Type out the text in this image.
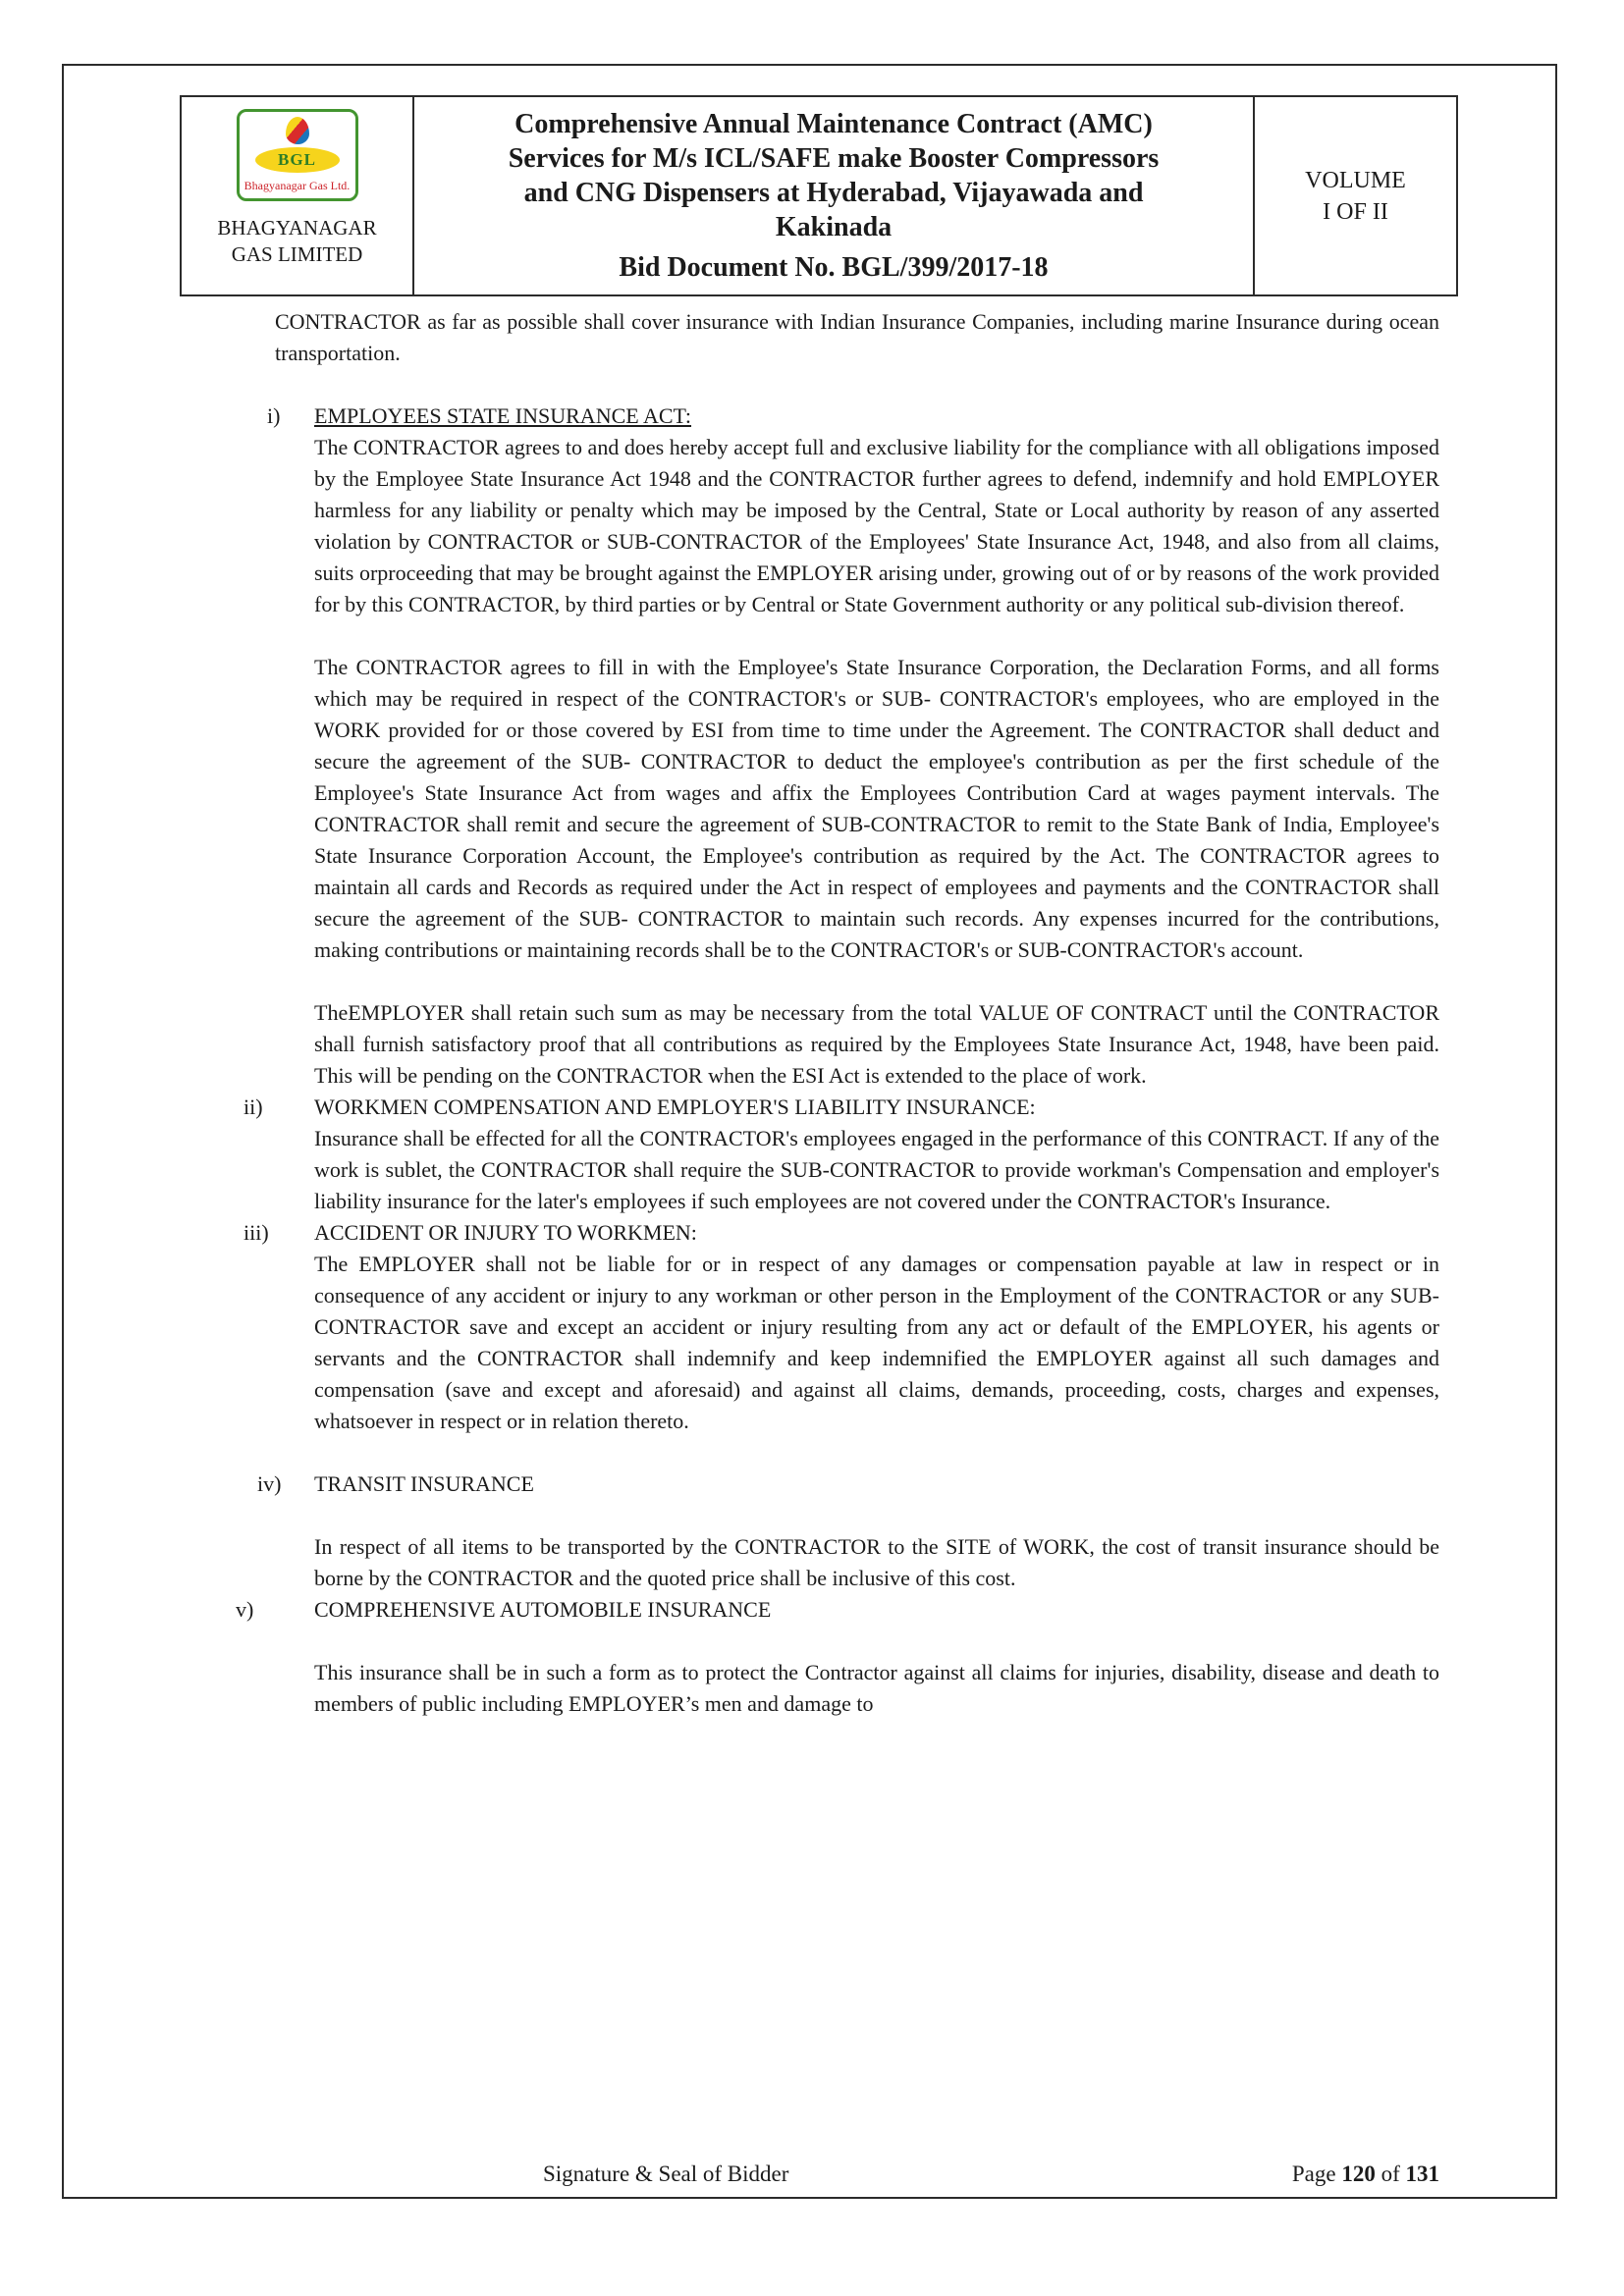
BGL
Bhagyanagar Gas Ltd.
BHAGYANAGAR
GAS LIMITED
Comprehensive Annual Maintenance Contract (AMC)
Services for M/s ICL/SAFE make Booster Compressors
and CNG Dispensers at Hyderabad, Vijayawada and
Kakinada
Bid Document No. BGL/399/2017-18
VOLUME
I OF II

CONTRACTOR as far as possible shall cover insurance with Indian Insurance Companies, including marine Insurance during ocean transportation.

i)	EMPLOYEES STATE INSURANCE ACT:

The CONTRACTOR agrees to and does hereby accept full and exclusive liability for the compliance with all obligations imposed by the Employee State Insurance Act 1948 and the CONTRACTOR further agrees to defend, indemnify and hold EMPLOYER harmless for any liability or penalty which may be imposed by the Central, State or Local authority by reason of any asserted violation by CONTRACTOR or SUB-CONTRACTOR of the Employees' State Insurance Act, 1948, and also from all claims, suits orproceeding that may be brought against the EMPLOYER arising under, growing out of or by reasons of the work provided for by this CONTRACTOR, by third parties or by Central or State Government authority or any political sub-division thereof.

The CONTRACTOR agrees to fill in with the Employee's State Insurance Corporation, the Declaration Forms, and all forms which may be required in respect of the CONTRACTOR's or SUB- CONTRACTOR's employees, who are employed in the WORK provided for or those covered by ESI from time to time under the Agreement. The CONTRACTOR shall deduct and secure the agreement of the SUB- CONTRACTOR to deduct the employee's contribution as per the first schedule of the Employee's State Insurance Act from wages and affix the Employees Contribution Card at wages payment intervals. The CONTRACTOR shall remit and secure the agreement of SUB-CONTRACTOR to remit to the State Bank of India, Employee's State Insurance Corporation Account, the Employee's contribution as required by the Act. The CONTRACTOR agrees to maintain all cards and Records as required under the Act in respect of employees and payments and the CONTRACTOR shall secure the agreement of the SUB- CONTRACTOR to maintain such records. Any expenses incurred for the contributions, making contributions or maintaining records shall be to the CONTRACTOR's or SUB-CONTRACTOR's account.

TheEMPLOYER shall retain such sum as may be necessary from the total VALUE OF CONTRACT until the CONTRACTOR shall furnish satisfactory proof that all contributions as required by the Employees State Insurance Act, 1948, have been paid. This will be pending on the CONTRACTOR when the ESI Act is extended to the place of work.

ii)	WORKMEN COMPENSATION AND EMPLOYER'S LIABILITY INSURANCE:

Insurance shall be effected for all the CONTRACTOR's employees engaged in the performance of this CONTRACT. If any of the work is sublet, the CONTRACTOR shall require the SUB-CONTRACTOR to provide workman's Compensation and employer's liability insurance for the later's employees if such employees are not covered under the CONTRACTOR's Insurance.

iii)	ACCIDENT OR INJURY TO WORKMEN:

The EMPLOYER shall not be liable for or in respect of any damages or compensation payable at law in respect or in consequence of any accident or injury to any workman or other person in the Employment of the CONTRACTOR or any SUB-CONTRACTOR save and except an accident or injury resulting from any act or default of the EMPLOYER, his agents or servants and the CONTRACTOR shall indemnify and keep indemnified the EMPLOYER against all such damages and compensation (save and except and aforesaid) and against all claims, demands, proceeding, costs, charges and expenses, whatsoever in respect or in relation thereto.

iv)	TRANSIT INSURANCE

In respect of all items to be transported by the CONTRACTOR to the SITE of WORK, the cost of transit insurance should be borne by the CONTRACTOR and the quoted price shall be inclusive of this cost.

v)	COMPREHENSIVE AUTOMOBILE INSURANCE

This insurance shall be in such a form as to protect the Contractor against all claims for injuries, disability, disease and death to members of public including EMPLOYER’s men and damage to

Signature & Seal of Bidder	Page 120 of 131
